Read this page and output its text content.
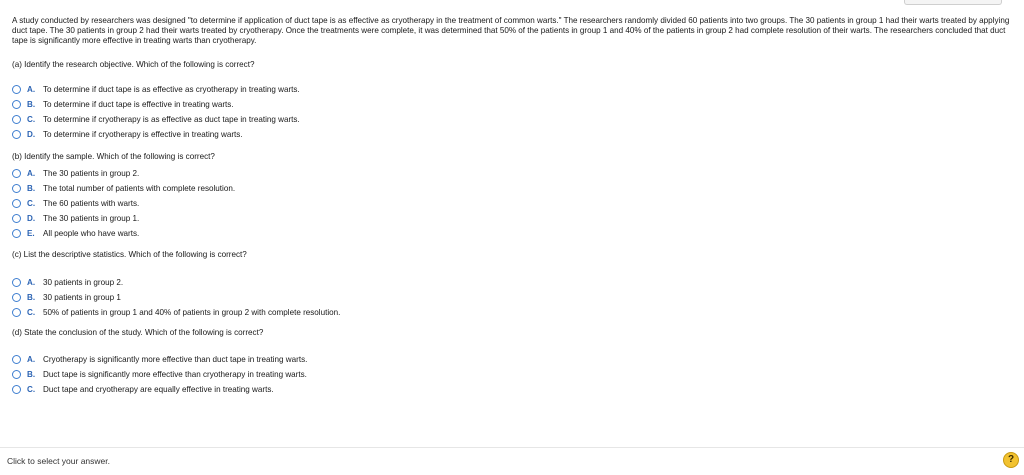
A study conducted by researchers was designed "to determine if application of duct tape is as effective as cryotherapy in the treatment of common warts." The researchers randomly divided 60 patients into two groups. The 30 patients in group 1 had their warts treated by applying duct tape. The 30 patients in group 2 had their warts treated by cryotherapy. Once the treatments were complete, it was determined that 50% of the patients in group 1 and 40% of the patients in group 2 had complete resolution of their warts. The researchers concluded that duct tape is significantly more effective in treating warts than cryotherapy.

(a) Identify the research objective. Which of the following is correct?

A. To determine if duct tape is as effective as cryotherapy in treating warts.
B. To determine if duct tape is effective in treating warts.
C. To determine if cryotherapy is as effective as duct tape in treating warts.
D. To determine if cryotherapy is effective in treating warts.

(b) Identify the sample. Which of the following is correct?

A. The 30 patients in group 2.
B. The total number of patients with complete resolution.
C. The 60 patients with warts.
D. The 30 patients in group 1.
E.	All people who have warts.

(c) List the descriptive statistics. Which of the following is correct?

A. 30 patients in group 2.
B. 30 patients in group 1
C. 50% of patients in group 1 and 40% of patients in group 2 with complete resolution.

(d) State the conclusion of the study. Which of the following is correct?

A. Cryotherapy is significantly more effective than duct tape in treating warts.
B. Duct tape is significantly more effective than cryotherapy in treating warts.
C. Duct tape and cryotherapy are equally effective in treating warts.
Click to select your answer.	?
